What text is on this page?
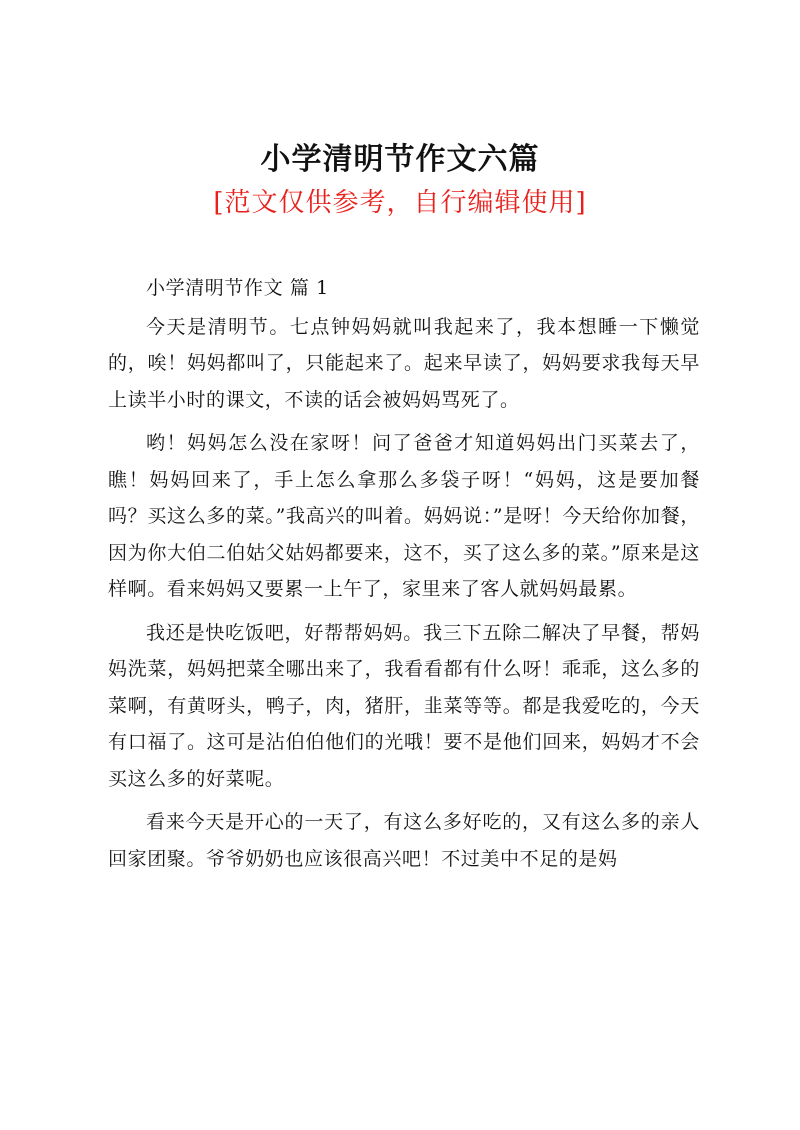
小学清明节作文六篇
[范文仅供参考，自行编辑使用]

小学清明节作文 篇 1

今天是清明节。七点钟妈妈就叫我起来了，我本想睡一下懒觉的，唉！妈妈都叫了，只能起来了。起来早读了，妈妈要求我每天早上读半小时的课文，不读的话会被妈妈骂死了。

哟！妈妈怎么没在家呀！问了爸爸才知道妈妈出门买菜去了，瞧！妈妈回来了，手上怎么拿那么多袋子呀！“妈妈，这是要加餐吗？买这么多的菜。”我高兴的叫着。妈妈说：”是呀！今天给你加餐，因为你大伯二伯姑父姑妈都要来，这不，买了这么多的菜。”原来是这样啊。看来妈妈又要累一上午了，家里来了客人就妈妈最累。

我还是快吃饭吧，好帮帮妈妈。我三下五除二解决了早餐，帮妈妈洗菜，妈妈把菜全哪出来了，我看看都有什么呀！乖乖，这么多的菜啊，有黄呀头，鸭子，肉，猪肝，韭菜等等。都是我爱吃的，今天有口福了。这可是沾伯伯他们的光哦！要不是他们回来，妈妈才不会买这么多的好菜呢。

看来今天是开心的一天了，有这么多好吃的，又有这么多的亲人回家团聚。爷爷奶奶也应该很高兴吧！不过美中不足的是妈
